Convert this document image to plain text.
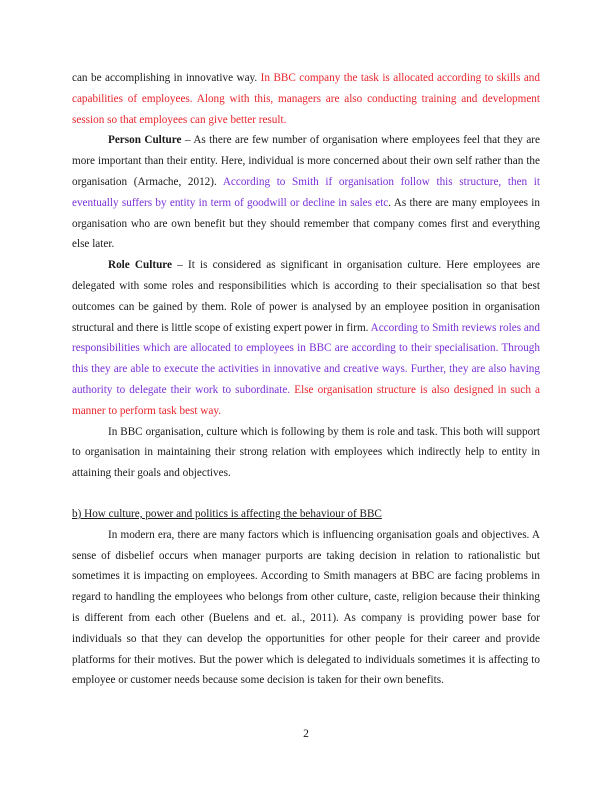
can be accomplishing in innovative way. In BBC company the task is allocated according to skills and capabilities of employees. Along with this, managers are also conducting training and development session so that employees can give better result.

Person Culture – As there are few number of organisation where employees feel that they are more important than their entity. Here, individual is more concerned about their own self rather than the organisation (Armache, 2012). According to Smith if organisation follow this structure, then it eventually suffers by entity in term of goodwill or decline in sales etc. As there are many employees in organisation who are own benefit but they should remember that company comes first and everything else later.

Role Culture – It is considered as significant in organisation culture. Here employees are delegated with some roles and responsibilities which is according to their specialisation so that best outcomes can be gained by them. Role of power is analysed by an employee position in organisation structural and there is little scope of existing expert power in firm. According to Smith reviews roles and responsibilities which are allocated to employees in BBC are according to their specialisation. Through this they are able to execute the activities in innovative and creative ways. Further, they are also having authority to delegate their work to subordinate. Else organisation structure is also designed in such a manner to perform task best way.

In BBC organisation, culture which is following by them is role and task. This both will support to organisation in maintaining their strong relation with employees which indirectly help to entity in attaining their goals and objectives.

b) How culture, power and politics is affecting the behaviour of BBC

In modern era, there are many factors which is influencing organisation goals and objectives. A sense of disbelief occurs when manager purports are taking decision in relation to rationalistic but sometimes it is impacting on employees. According to Smith managers at BBC are facing problems in regard to handling the employees who belongs from other culture, caste, religion because their thinking is different from each other (Buelens and et. al., 2011). As company is providing power base for individuals so that they can develop the opportunities for other people for their career and provide platforms for their motives. But the power which is delegated to individuals sometimes it is affecting to employee or customer needs because some decision is taken for their own benefits.

2
